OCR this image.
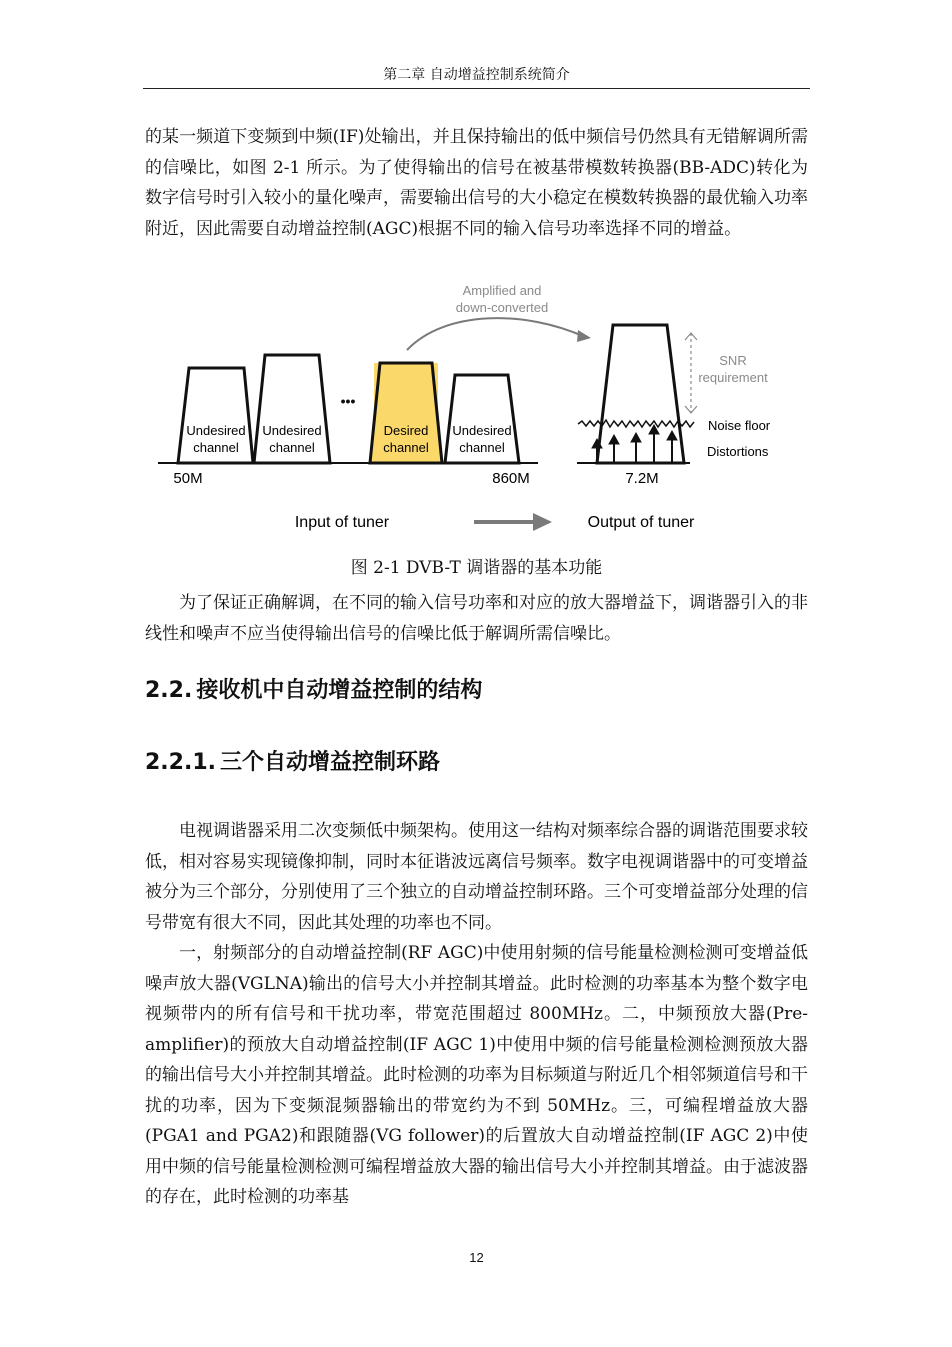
第二章 自动增益控制系统简介

的某一频道下变频到中频(IF)处输出，并且保持输出的低中频信号仍然具有无错解调所需的信噪比，如图 2-1 所示。为了使得输出的信号在被基带模数转换器(BB-ADC)转化为数字信号时引入较小的量化噪声，需要输出信号的大小稳定在模数转换器的最优输入功率附近，因此需要自动增益控制(AGC)根据不同的输入信号功率选择不同的增益。

Amplified and
down-converted
•••
Undesired
channel
Undesired
channel
Desired
channel
Undesired
channel
50M	860M	7.2M
SNR
requirement
Noise floor
Distortions
Input of tuner	Output of tuner
图 2-1 DVB-T 调谐器的基本功能

为了保证正确解调，在不同的输入信号功率和对应的放大器增益下，调谐器引入的非线性和噪声不应当使得输出信号的信噪比低于解调所需信噪比。

2.2. 接收机中自动增益控制的结构
2.2.1. 三个自动增益控制环路

电视调谐器采用二次变频低中频架构。使用这一结构对频率综合器的调谐范围要求较低，相对容易实现镜像抑制，同时本征谐波远离信号频率。数字电视调谐器中的可变增益被分为三个部分，分别使用了三个独立的自动增益控制环路。三个可变增益部分处理的信号带宽有很大不同，因此其处理的功率也不同。

一，射频部分的自动增益控制(RF AGC)中使用射频的信号能量检测检测可变增益低噪声放大器(VGLNA)输出的信号大小并控制其增益。此时检测的功率基本为整个数字电视频带内的所有信号和干扰功率，带宽范围超过 800MHz。二，中频预放大器(Pre-amplifier)的预放大自动增益控制(IF AGC 1)中使用中频的信号能量检测检测预放大器的输出信号大小并控制其增益。此时检测的功率为目标频道与附近几个相邻频道信号和干扰的功率，因为下变频混频器输出的带宽约为不到 50MHz。三，可编程增益放大器(PGA1 and PGA2)和跟随器(VG follower)的后置放大自动增益控制(IF AGC 2)中使用中频的信号能量检测检测可编程增益放大器的输出信号大小并控制其增益。由于滤波器的存在，此时检测的功率基

12
